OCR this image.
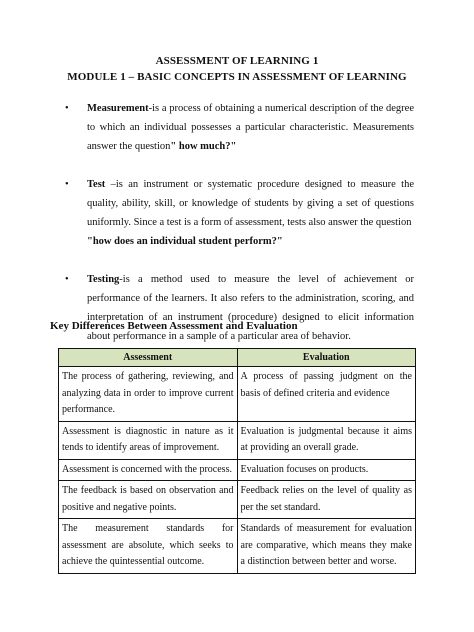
ASSESSMENT OF LEARNING 1
MODULE 1 – BASIC CONCEPTS IN ASSESSMENT OF LEARNING
• Measurement-is a process of obtaining a numerical description of the degree to which an individual possesses a particular characteristic. Measurements answer the question" how much?"
• Test –is an instrument or systematic procedure designed to measure the quality, ability, skill, or knowledge of students by giving a set of questions uniformly. Since a test is a form of assessment, tests also answer the question
"how does an individual student perform?"
• Testing-is a method used to measure the level of achievement or performance of the learners. It also refers to the administration, scoring, and interpretation of an instrument (procedure) designed to elicit information about performance in a sample of a particular area of behavior.
Key Differences Between Assessment and Evaluation
Assessment	Evaluation
The process of gathering, reviewing, and analyzing data in order to improve current performance.	A process of passing judgment on the basis of defined criteria and evidence
Assessment is diagnostic in nature as it tends to identify areas of improvement.	Evaluation is judgmental because it aims at providing an overall grade.
Assessment is concerned with the process.	Evaluation focuses on products.
The feedback is based on observation and positive and negative points.	Feedback relies on the level of quality as per the set standard.
The measurement standards for assessment are absolute, which seeks to achieve the quintessential outcome.	Standards of measurement for evaluation are comparative, which means they make a distinction between better and worse.
